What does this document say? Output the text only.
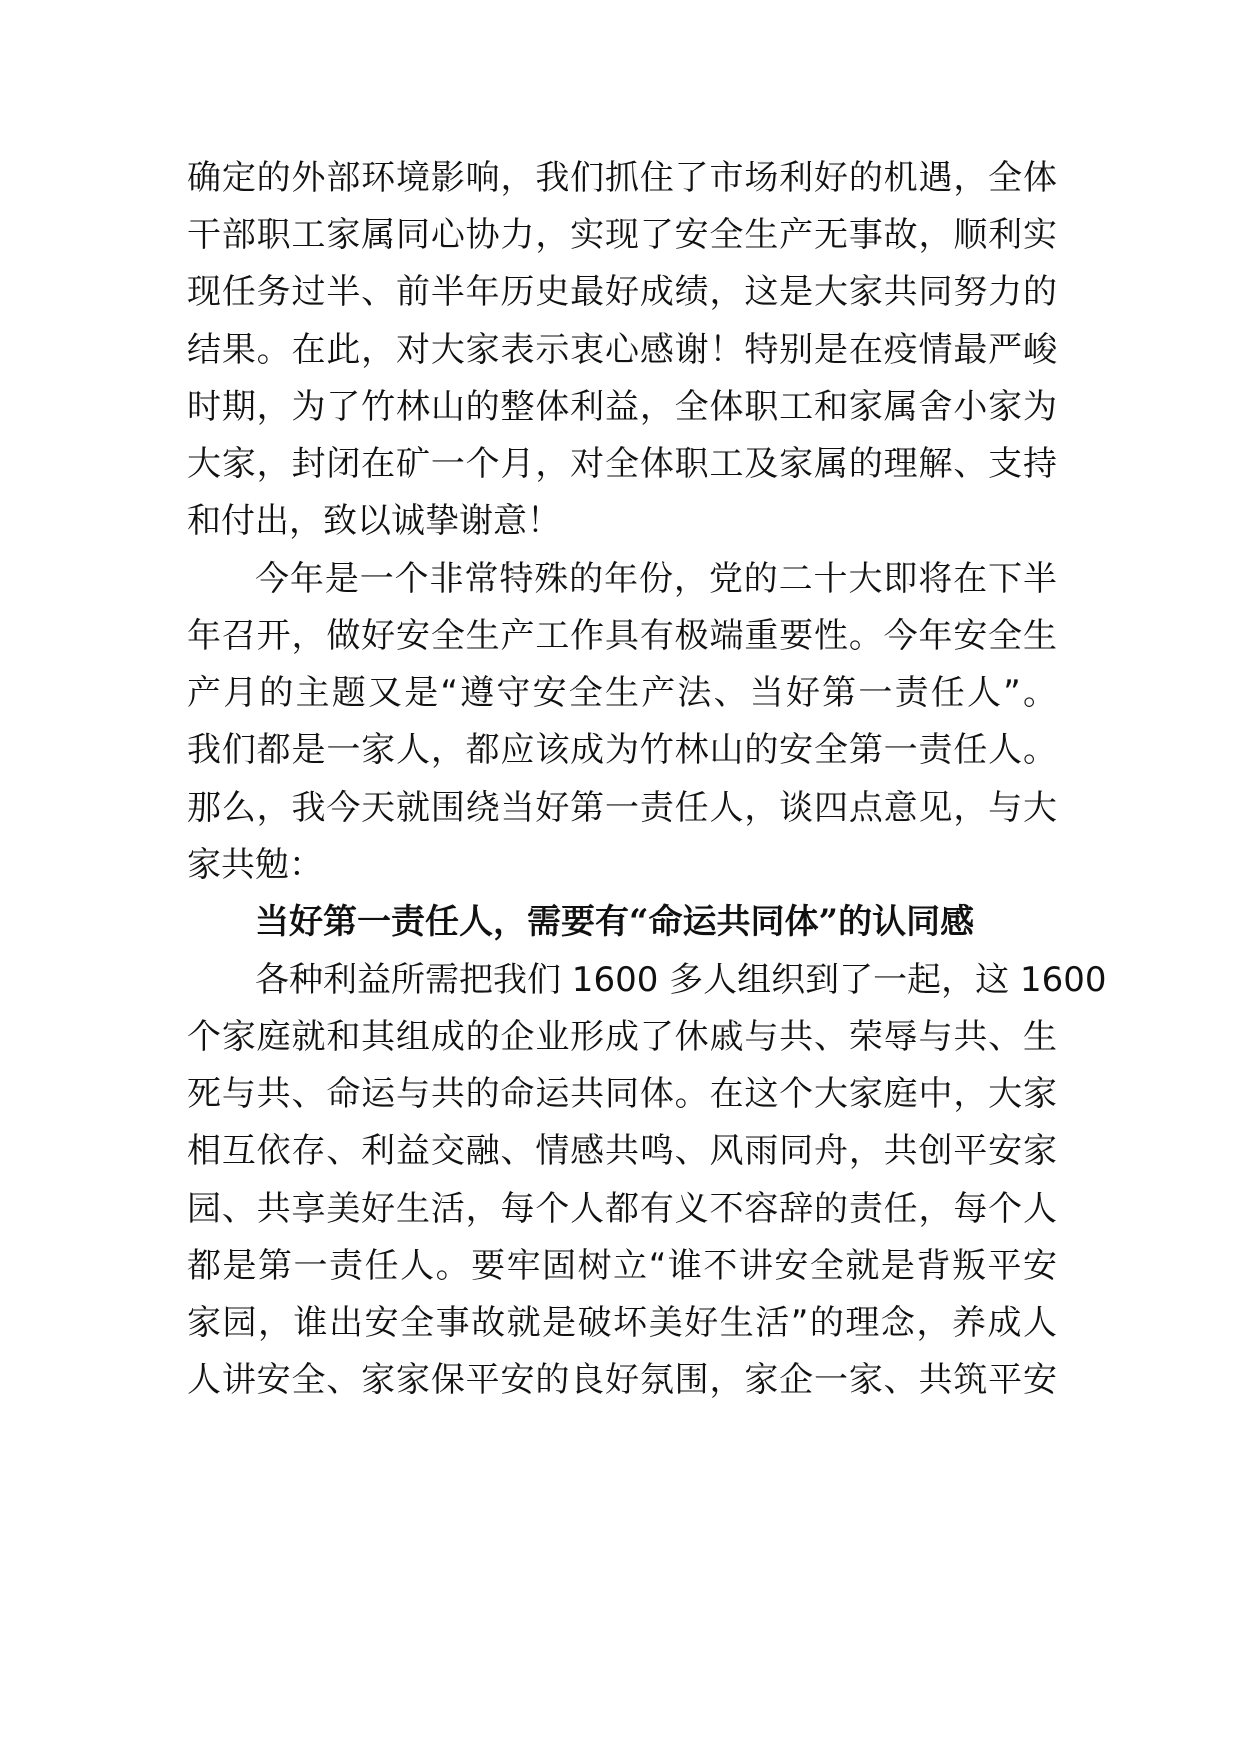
确定的外部环境影响，我们抓住了市场利好的机遇，全体
干部职工家属同心协力，实现了安全生产无事故，顺利实
现任务过半、前半年历史最好成绩，这是大家共同努力的
结果。在此，对大家表示衷心感谢！特别是在疫情最严峻
时期，为了竹林山的整体利益，全体职工和家属舍小家为
大家，封闭在矿一个月，对全体职工及家属的理解、支持
和付出，致以诚挚谢意！
今年是一个非常特殊的年份，党的二十大即将在下半
年召开，做好安全生产工作具有极端重要性。今年安全生
产月的主题又是“遵守安全生产法、当好第一责任人”。
我们都是一家人，都应该成为竹林山的安全第一责任人。
那么，我今天就围绕当好第一责任人，谈四点意见，与大
家共勉：
当好第一责任人，需要有“命运共同体”的认同感
各种利益所需把我们 1600 多人组织到了一起，这 1600
个家庭就和其组成的企业形成了休戚与共、荣辱与共、生
死与共、命运与共的命运共同体。在这个大家庭中，大家
相互依存、利益交融、情感共鸣、风雨同舟，共创平安家
园、共享美好生活，每个人都有义不容辞的责任，每个人
都是第一责任人。要牢固树立“谁不讲安全就是背叛平安
家园，谁出安全事故就是破坏美好生活”的理念，养成人
人讲安全、家家保平安的良好氛围，家企一家、共筑平安
